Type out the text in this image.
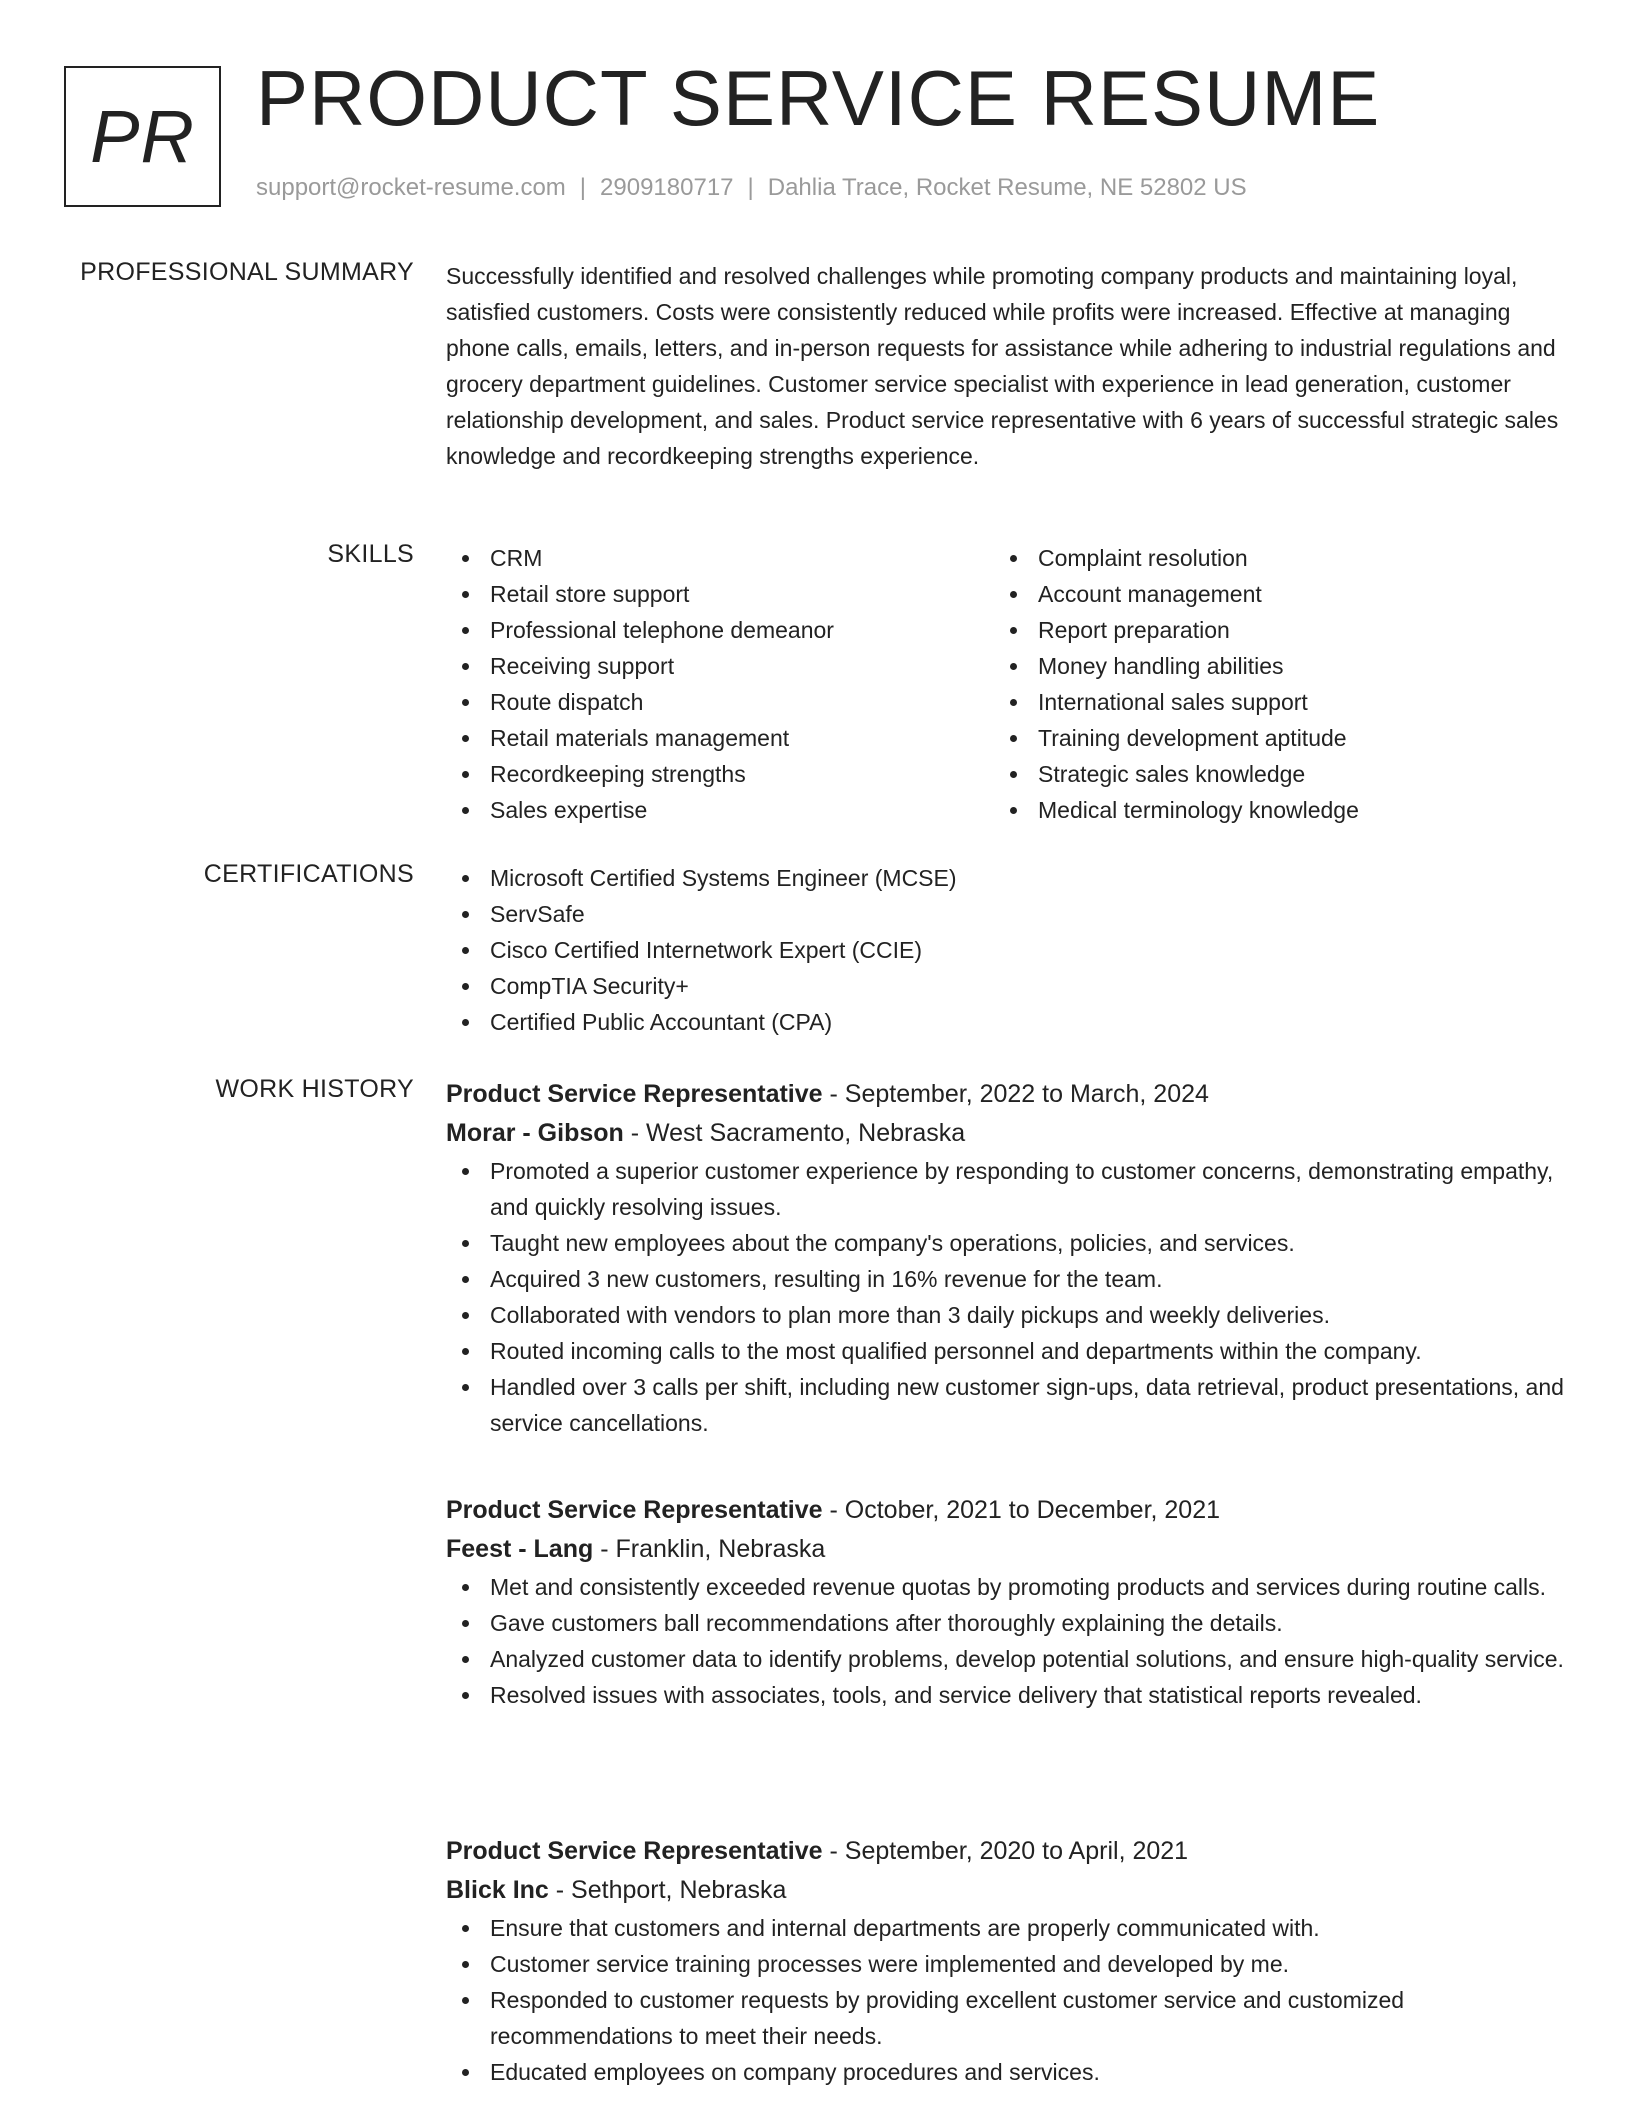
PR PRODUCT SERVICE RESUME
support@rocket-resume.com | 2909180717 | Dahlia Trace, Rocket Resume, NE 52802 US
PROFESSIONAL SUMMARY Successfully identified and resolved challenges while promoting company products and maintaining loyal, satisfied customers. Costs were consistently reduced while profits were increased. Effective at managing phone calls, emails, letters, and in-person requests for assistance while adhering to industrial regulations and grocery department guidelines. Customer service specialist with experience in lead generation, customer relationship development, and sales. Product service representative with 6 years of successful strategic sales knowledge and recordkeeping strengths experience.

SKILLS	CRM
Retail store support
Professional telephone demeanor
Receiving support
Route dispatch
Retail materials management
Recordkeeping strengths
Sales expertise
Complaint resolution
Account management
Report preparation
Money handling abilities
International sales support
Training development aptitude
Strategic sales knowledge
Medical terminology knowledge
CERTIFICATIONS	Microsoft Certified Systems Engineer (MCSE)
ServSafe
Cisco Certified Internetwork Expert (CCIE)
CompTIA Security+
Certified Public Accountant (CPA)
WORK HISTORY Product Service Representative - September, 2022 to March, 2024
Morar - Gibson - West Sacramento, Nebraska
Promoted a superior customer experience by responding to customer concerns, demonstrating empathy, and quickly resolving issues.
Taught new employees about the company's operations, policies, and services.
Acquired 3 new customers, resulting in 16% revenue for the team.
Collaborated with vendors to plan more than 3 daily pickups and weekly deliveries.
Routed incoming calls to the most qualified personnel and departments within the company.
Handled over 3 calls per shift, including new customer sign-ups, data retrieval, product presentations, and service cancellations.
Product Service Representative - October, 2021 to December, 2021
Feest - Lang - Franklin, Nebraska
Met and consistently exceeded revenue quotas by promoting products and services during routine calls.
Gave customers ball recommendations after thoroughly explaining the details.
Analyzed customer data to identify problems, develop potential solutions, and ensure high-quality service.
Resolved issues with associates, tools, and service delivery that statistical reports revealed.
Product Service Representative - September, 2020 to April, 2021
Blick Inc - Sethport, Nebraska
Ensure that customers and internal departments are properly communicated with.
Customer service training processes were implemented and developed by me.
Responded to customer requests by providing excellent customer service and customized recommendations to meet their needs.
Educated employees on company procedures and services.
